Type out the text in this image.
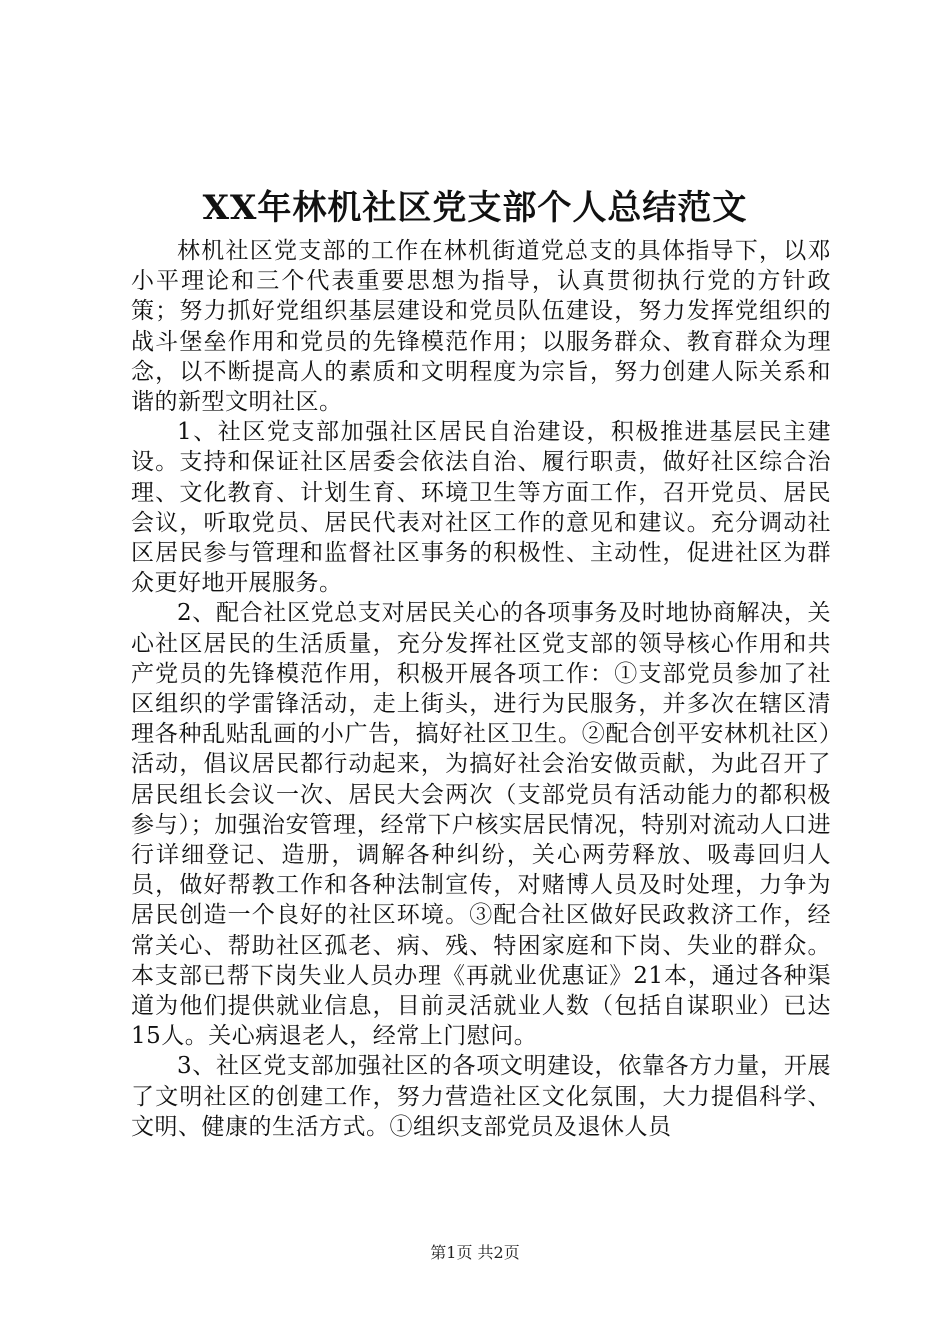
XX年林机社区党支部个人总结范文

林机社区党支部的工作在林机街道党总支的具体指导下，以邓小平理论和三个代表重要思想为指导，认真贯彻执行党的方针政策；努力抓好党组织基层建设和党员队伍建设，努力发挥党组织的战斗堡垒作用和党员的先锋模范作用；以服务群众、教育群众为理念，以不断提高人的素质和文明程度为宗旨，努力创建人际关系和谐的新型文明社区。

1、社区党支部加强社区居民自治建设，积极推进基层民主建设。支持和保证社区居委会依法自治、履行职责，做好社区综合治理、文化教育、计划生育、环境卫生等方面工作，召开党员、居民会议，听取党员、居民代表对社区工作的意见和建议。充分调动社区居民参与管理和监督社区事务的积极性、主动性，促进社区为群众更好地开展服务。

2、配合社区党总支对居民关心的各项事务及时地协商解决，关心社区居民的生活质量，充分发挥社区党支部的领导核心作用和共产党员的先锋模范作用，积极开展各项工作：①支部党员参加了社区组织的学雷锋活动，走上街头，进行为民服务，并多次在辖区清理各种乱贴乱画的小广告，搞好社区卫生。②配合创平安林机社区）活动，倡议居民都行动起来，为搞好社会治安做贡献，为此召开了居民组长会议一次、居民大会两次（支部党员有活动能力的都积极参与）；加强治安管理，经常下户核实居民情况，特别对流动人口进行详细登记、造册，调解各种纠纷，关心两劳释放、吸毒回归人员，做好帮教工作和各种法制宣传，对赌博人员及时处理，力争为居民创造一个良好的社区环境。③配合社区做好民政救济工作，经常关心、帮助社区孤老、病、残、特困家庭和下岗、失业的群众。本支部已帮下岗失业人员办理《再就业优惠证》21本，通过各种渠道为他们提供就业信息，目前灵活就业人数（包括自谋职业）已达15人。关心病退老人，经常上门慰问。

3、社区党支部加强社区的各项文明建设，依靠各方力量，开展了文明社区的创建工作，努力营造社区文化氛围，大力提倡科学、文明、健康的生活方式。①组织支部党员及退休人员

第1页 共2页
